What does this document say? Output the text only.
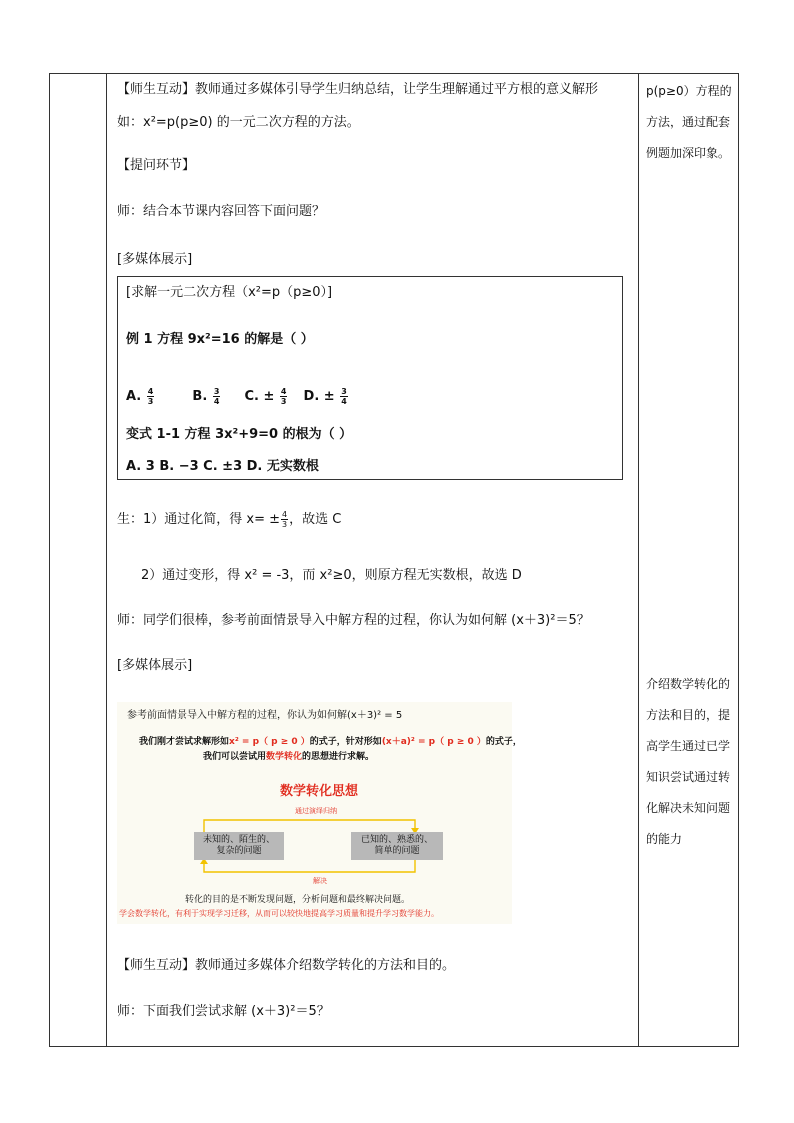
【师生互动】教师通过多媒体引导学生归纳总结，让学生理解通过平方根的意义解形
如：x²=p(p≥0) 的一元二次方程的方法。
【提问环节】
师：结合本节课内容回答下面问题？
[多媒体展示]
[求解一元二次方程（x²=p（p≥0）]
例 1 方程 9x²=16 的解是（ ）
A. $\frac{4}{3}$	B. $\frac{3}{4} C$. ± $\frac{4}{3} D$. ± $\frac{3}{4}$
变式 1-1 方程 3x²+9=0 的根为（ ）
A. 3 B. −3 C. ±3 D. 无实数根
生：1）通过化简，得 $x= \pm \frac{4}{3}$ ，故选 C
2）通过变形，得 x² = -3，而 x²≥0，则原方程无实数根，故选 D
师：同学们很棒，参考前面情景导入中解方程的过程，你认为如何解 (x＋3)²＝5？
[多媒体展示]
参考前面情景导入中解方程的过程，你认为如何解(x＋3)² = 5
我们刚才尝试求解形如x² = p（ p ≥ 0 ）的式子，针对形如(x＋a)² = p（ p ≥ 0 ）的式子，
我们可以尝试用数学转化的思想进行求解。
数学转化思想
通过演绎归纳
未知的、陌生的、
复杂的问题
已知的、熟悉的、
简单的问题
解决
转化的目的是不断发现问题，分析问题和最终解决问题。
学会数学转化，有利于实现学习迁移，从而可以较快地提高学习质量和提升学习数学能力。
【师生互动】教师通过多媒体介绍数学转化的方法和目的。
师：下面我们尝试求解 (x＋3)²＝5？
p(p≥0）方程的方法，通过配套例题加深印象。
介绍数学转化的方法和目的，提高学生通过已学知识尝试通过转化解决未知问题的能力
